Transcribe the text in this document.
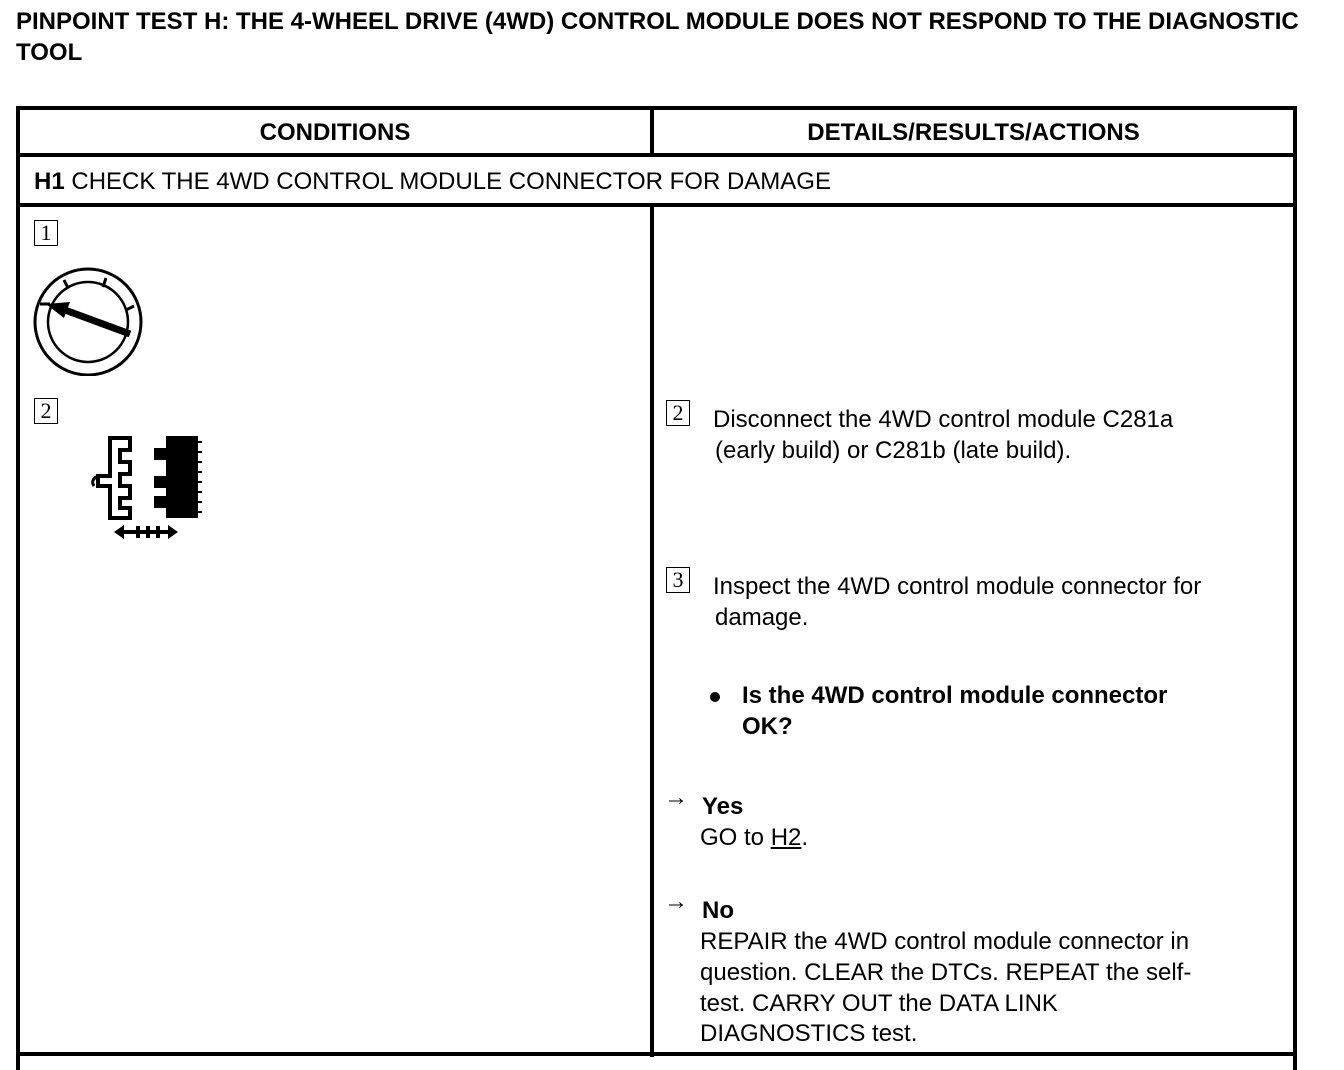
PINPOINT TEST H: THE 4-WHEEL DRIVE (4WD) CONTROL MODULE DOES NOT RESPOND TO THE DIAGNOSTIC TOOL
CONDITIONS	DETAILS/RESULTS/ACTIONS
H1 CHECK THE 4WD CONTROL MODULE CONNECTOR FOR DAMAGE
1
2	2 Disconnect the 4WD control module C281a
(early build) or C281b (late build).
3 Inspect the 4WD control module connector for
damage.
Is the 4WD control module connector
OK?
→ Yes
GO to H2.
→ No
REPAIR the 4WD control module connector in
question. CLEAR the DTCs. REPEAT the self-
test. CARRY OUT the DATA LINK
DIAGNOSTICS test.
